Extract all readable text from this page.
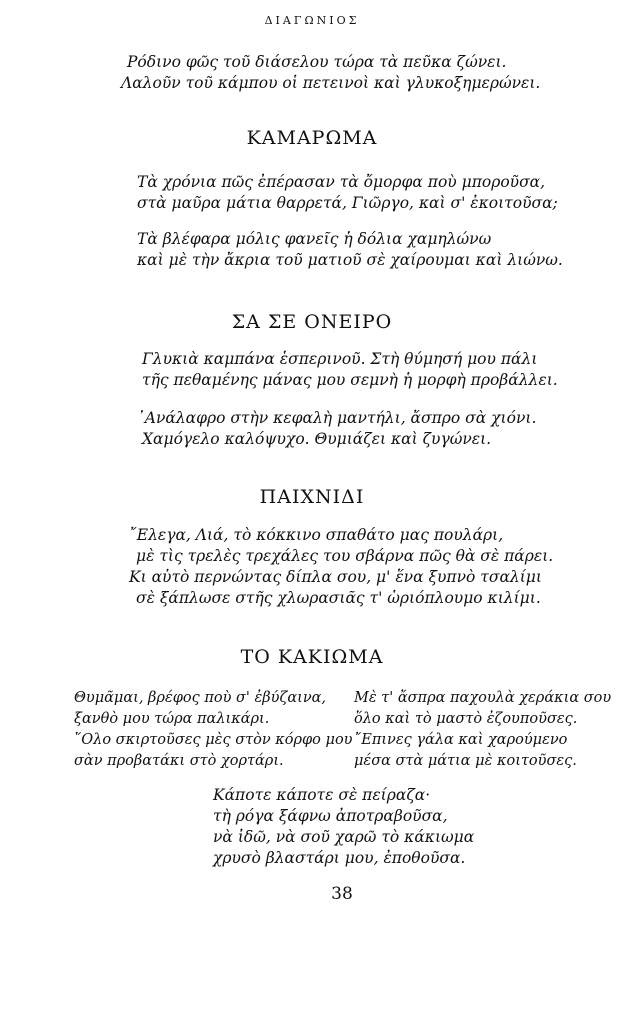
ΔΙΑΓΩΝΙΟΣ
Ρόδινο φῶς τοῦ διάσελου τώρα τὰ πεῦκα ζώνει.
Λαλοῦν τοῦ κάμπου οἱ πετεινοὶ καὶ γλυκοξημερώνει.
ΚΑΜΑΡΩΜΑ
Τὰ χρόνια πῶς ἐπέρασαν τὰ ὄμορφα ποὺ μποροῦσα,
στὰ μαῦρα μάτια θαρρετά, Γιῶργο, καὶ σ' ἐκοιτοῦσα;
Τὰ βλέφαρα μόλις φανεῖς ἡ δόλια χαμηλώνω
καὶ μὲ τὴν ἄκρια τοῦ ματιοῦ σὲ χαίρουμαι καὶ λιώνω.
ΣΑ ΣΕ ΟΝΕΙΡΟ
Γλυκιὰ καμπάνα ἑσπερινοῦ. Στὴ θύμησή μου πάλι
τῆς πεθαμένης μάνας μου σεμνὴ ἡ μορφὴ προβάλλει.
᾿Ανάλαφρο στὴν κεφαλὴ μαντήλι, ἄσπρο σὰ χιόνι.
Χαμόγελο καλόψυχο. Θυμιάζει καὶ ζυγώνει.
ΠΑΙΧΝΙΔΙ
῎Ελεγα, Λιά, τὸ κόκκινο σπαθάτο μας πουλάρι,
μὲ τὶς τρελὲς τρεχάλες του σβάρνα πῶς θὰ σὲ πάρει.
Κι αὐτὸ περνώντας δίπλα σου, μ' ἕνα ξυπνὸ τσαλίμι
σὲ ξάπλωσε στῆς χλωρασιᾶς τ' ὡριόπλουμο κιλίμι.
ΤΟ ΚΑΚΙΩΜΑ
Θυμᾶμαι, βρέφος ποὺ σ' ἐβύζαινα,
ξανθὸ μου τώρα παλικάρι.
῞Ολο σκιρτοῦσες μὲς στὸν κόρφο μου
σὰν προβατάκι στὸ χορτάρι.
Μὲ τ' ἄσπρα παχουλὰ χεράκια σου
ὅλο καὶ τὸ μαστὸ ἐζουποῦσες.
῎Επινες γάλα καὶ χαρούμενο
μέσα στὰ μάτια μὲ κοιτοῦσες.
Κάποτε κάποτε σὲ πείραζα·
τὴ ρόγα ξάφνω ἀποτραβοῦσα,
νὰ ἰδῶ, νὰ σοῦ χαρῶ τὸ κάκιωμα
χρυσὸ βλαστάρι μου, ἐποθοῦσα.
38
